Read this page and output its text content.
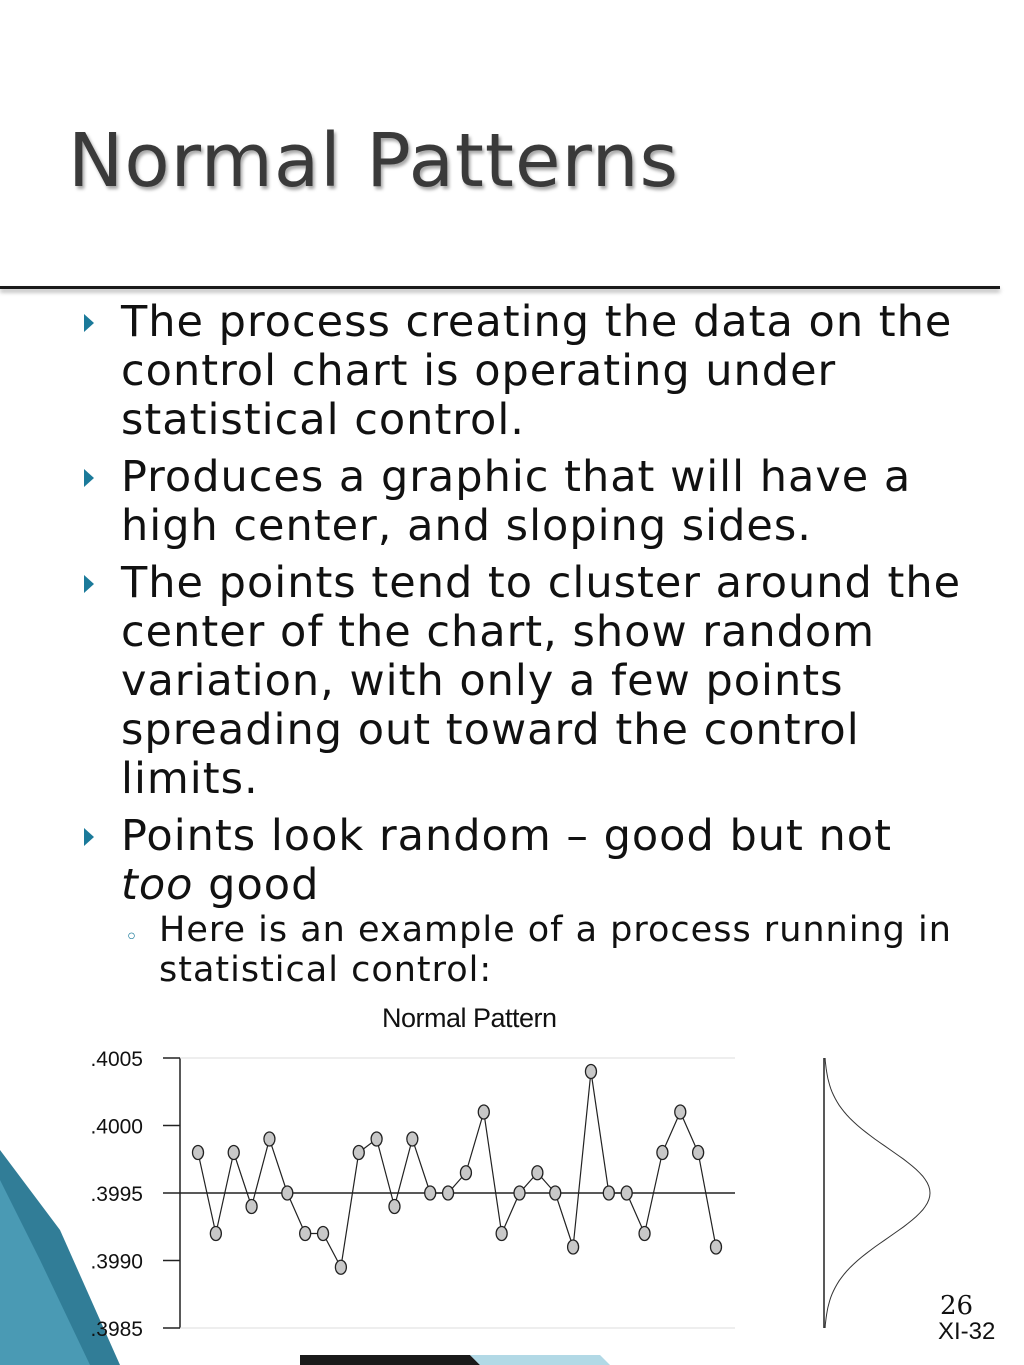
Normal Patterns
The process creating the data on the control chart is operating under statistical control.
Produces a graphic that will have a high center, and sloping sides.
The points tend to cluster around the center of the chart, show random variation, with only a few points spreading out toward the control limits.
Points look random – good but not too good
◦ Here is an example of a process running in statistical control:
Normal Pattern
.4005
.4000
.3995
.3990
.3985
26
XI-32
